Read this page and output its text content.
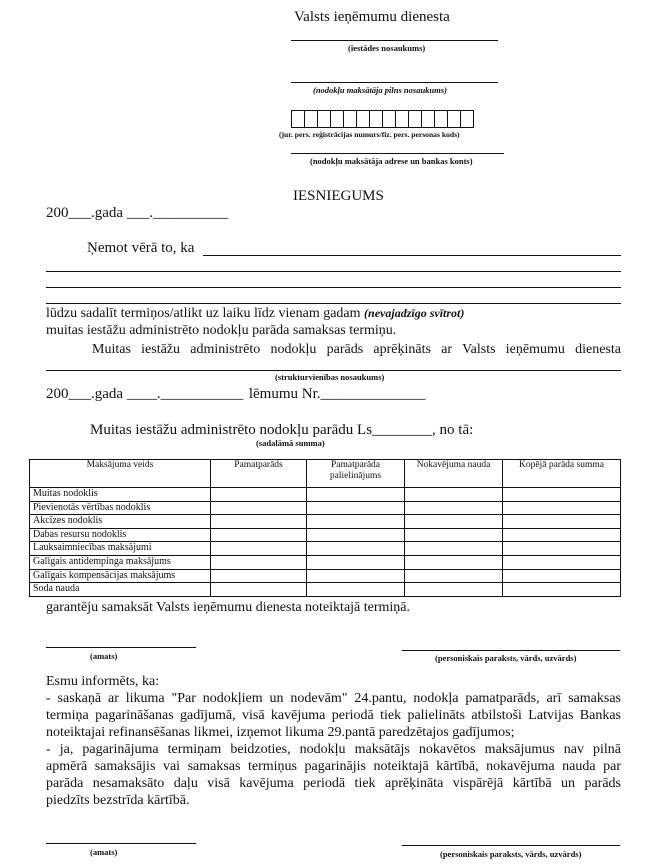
Valsts ieņēmumu dienesta
(iestādes nosaukums)
(nodokļu maksātāja pilns nosaukums)
(jur. pers. reģistrācijas numurs/fiz. pers. personas kods)
(nodokļu maksātāja adrese un bankas konts)
IESNIEGUMS
200___.gada ___.__________
Ņemot vērā to, ka
lūdzu sadalīt termiņos/atlikt uz laiku līdz vienam gadam (nevajadzīgo svītrot)
muitas iestāžu administrēto nodokļu parāda samaksas termiņu.
Muitas iestāžu administrēto nodokļu parāds aprēķināts ar Valsts ieņēmumu dienesta
(strukturvienības nosaukums)
200___.gada ____.___________ lēmumu Nr.______________
Muitas iestāžu administrēto nodokļu parādu Ls________, no tā:
(sadalāmā summa)
Maksājuma veids	Pamatparāds	Pamatparāda palielinājums	Nokavējuma nauda	Kopējā parāda summa
Muitas nodoklis				
Pievienotās vērtības nodoklis				
Akcīzes nodoklis				
Dabas resursu nodoklis				
Lauksaimniecības maksājumi				
Galīgais antidempinga maksājums				
Galīgais kompensācijas maksājums				
Soda nauda				
garantēju samaksāt Valsts ieņēmumu dienesta noteiktajā termiņā.
(amats)	(personiskais paraksts, vārds, uzvārds)
Esmu informēts, ka:
- saskaņā ar likuma "Par nodokļiem un nodevām" 24.pantu, nodokļa pamatparāds, arī samaksas
termiņa pagarināšanas gadījumā, visā kavējuma periodā tiek palielināts atbilstoši Latvijas Bankas
noteiktajai refinansēšanas likmei, izņemot likuma 29.pantā paredzētajos gadījumos;
- ja, pagarinājuma termiņam beidzoties, nodokļu maksātājs nokavētos maksājumus nav pilnā
apmērā samaksājis vai samaksas termiņus pagarinājis noteiktajā kārtībā, nokavējuma nauda par
parāda nesamaksāto daļu visā kavējuma periodā tiek aprēķināta vispārējā kārtībā un parāds
piedzīts bezstrīda kārtībā.
(amats)	(personiskais paraksts, vārds, uzvārds)
